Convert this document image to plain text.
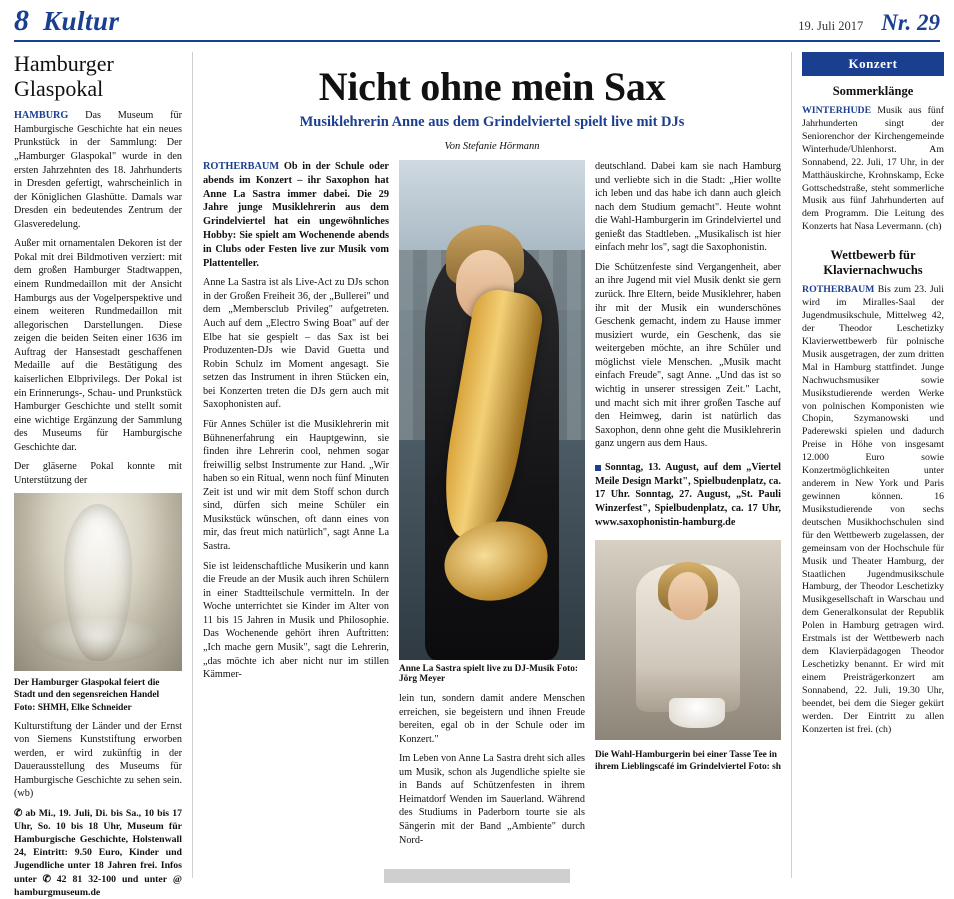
8 Kultur	19. Juli 2017 Nr. 29
Hamburger Glaspokal

HAMBURG Das Museum für Hamburgische Geschichte hat ein neues Prunkstück in der Sammlung: Der „Hamburger Glaspokal" wurde in den ersten Jahrzehnten des 18. Jahrhunderts in Dresden gefertigt, wahrscheinlich in der Königlichen Glashütte. Damals war Dresden ein bedeutendes Zentrum der Glasveredelung.

Außer mit ornamentalen Dekoren ist der Pokal mit drei Bildmotiven verziert: mit dem großen Hamburger Stadtwappen, einem Rundmedaillon mit der Ansicht Hamburgs aus der Vogelperspektive und einem weiteren Rundmedaillon mit allegorischen Darstellungen. Diese zeigen die beiden Seiten einer 1636 im Auftrag der Hansestadt geschaffenen Medaille auf die Bestätigung des kaiserlichen Elbprivilegs. Der Pokal ist ein Erinnerungs-, Schau- und Prunkstück Hamburger Geschichte und stellt somit eine wichtige Ergänzung der Sammlung des Museums für Hamburgische Geschichte dar.

Der gläserne Pokal konnte mit Unterstützung der

Der Hamburger Glaspokal feiert die Stadt und den segensreichen Handel Foto: SHMH, Elke Schneider

Kulturstiftung der Länder und der Ernst von Siemens Kunststiftung erworben werden, er wird zukünftig in der Dauerausstellung des Museums für Hamburgische Geschichte zu sehen sein. (wb)

✆ ab Mi., 19. Juli, Di. bis Sa., 10 bis 17 Uhr, So. 10 bis 18 Uhr, Museum für Hamburgische Geschichte, Holstenwall 24, Eintritt: 9.50 Euro, Kinder und Jugendliche unter 18 Jahren frei. Infos unter ✆ 42 81 32-100 und unter @ hamburgmuseum.de

Nicht ohne mein Sax
Musiklehrerin Anne aus dem Grindelviertel spielt live mit DJs
Von Stefanie Hörmann

ROTHERBAUM Ob in der Schule oder abends im Konzert – ihr Saxophon hat Anne La Sastra immer dabei. Die 29 Jahre junge Musiklehrerin aus dem Grindelviertel hat ein ungewöhnliches Hobby: Sie spielt am Wochenende abends in Clubs oder Festen live zur Musik vom Plattenteller.

Anne La Sastra ist als Live-Act zu DJs schon in der Großen Freiheit 36, der „Bullerei" und dem „Membersclub Privileg" aufgetreten. Auch auf dem „Electro Swing Boat" auf der Elbe hat sie gespielt – das Sax ist bei Produzenten-DJs wie David Guetta und Robin Schulz im Moment angesagt. Sie setzen das Instrument in ihren Stücken ein, bei Konzerten treten die DJs gern auch mit Saxophonisten auf.

Für Annes Schüler ist die Musiklehrerin mit Bühnenerfahrung ein Hauptgewinn, sie finden ihre Lehrerin cool, nehmen sogar freiwillig selbst Instrumente zur Hand. „Wir haben so ein Ritual, wenn noch fünf Minuten Zeit ist und wir mit dem Stoff schon durch sind, dürfen sich meine Schüler ein Musikstück wünschen, oft dann eines von mir, das freut mich natürlich", sagt Anne La Sastra.

Sie ist leidenschaftliche Musikerin und kann die Freude an der Musik auch ihren Schülern in einer Stadtteilschule vermitteln. In der Woche unterrichtet sie Kinder im Alter von 11 bis 15 Jahren in Musik und Philosophie. Das Wochenende gehört ihren Auftritten: „Ich mache gern Musik", sagt die Lehrerin, „das möchte ich aber nicht nur im stillen Kämmer-

Anne La Sastra spielt live zu DJ-Musik Foto: Jörg Meyer

lein tun, sondern damit andere Menschen erreichen, sie begeistern und ihnen Freude bereiten, egal ob in der Schule oder im Konzert."

Im Leben von Anne La Sastra dreht sich alles um Musik, schon als Jugendliche spielte sie in Bands auf Schützenfesten in ihrem Heimatdorf Wenden im Sauerland. Während des Studiums in Paderborn tourte sie als Sängerin mit der Band „Ambiente" durch Nord-

deutschland. Dabei kam sie nach Hamburg und verliebte sich in die Stadt: „Hier wollte ich leben und das habe ich dann auch gleich nach dem Studium gemacht". Heute wohnt die Wahl-Hamburgerin im Grindelviertel und genießt das Stadtleben. „Musikalisch ist hier einfach mehr los", sagt die Saxophonistin.

Die Schützenfeste sind Vergangenheit, aber an ihre Jugend mit viel Musik denkt sie gern zurück. Ihre Eltern, beide Musiklehrer, haben ihr mit der Musik ein wunderschönes Geschenk gemacht, indem zu Hause immer musiziert wurde, ein Geschenk, das sie weitergeben möchte, an ihre Schüler und möglichst viele Menschen. „Musik macht einfach Freude", sagt Anne. „Und das ist so wichtig in unserer stressigen Zeit." Lacht, und macht sich mit ihrer großen Tasche auf den Heimweg, darin ist natürlich das Saxophon, denn ohne geht die Musiklehrerin ganz ungern aus dem Haus.

Sonntag, 13. August, auf dem „Viertel Meile Design Markt", Spielbudenplatz, ca. 17 Uhr. Sonntag, 27. August, „St. Pauli Winzerfest", Spielbudenplatz, ca. 17 Uhr, www.saxophonistin-hamburg.de

Die Wahl-Hamburgerin bei einer Tasse Tee in ihrem Lieblingscafé im Grindelviertel Foto: sh

Konzert
Sommerklänge

WINTERHUDE Musik aus fünf Jahrhunderten singt der Seniorenchor der Kirchengemeinde Winterhude/Uhlenhorst. Am Sonnabend, 22. Juli, 17 Uhr, in der Matthäuskirche, Krohnskamp, Ecke Gottschedstraße, steht sommerliche Musik aus fünf Jahrhunderten auf dem Programm. Die Leitung des Konzerts hat Nasa Levermann. (ch)

Wettbewerb für Klaviernachwuchs

ROTHERBAUM Bis zum 23. Juli wird im Miralles-Saal der Jugendmusikschule, Mittelweg 42, der Theodor Leschetizky Klavierwettbewerb für polnische Musik ausgetragen, der zum dritten Mal in Hamburg stattfindet. Junge Nachwuchsmusiker sowie Musikstudierende werden Werke von polnischen Komponisten wie Chopin, Szymanowski und Paderewski spielen und dadurch Preise in Höhe von insgesamt 12.000 Euro sowie Konzertmöglichkeiten unter anderem in New York und Paris gewinnen können. 16 Musikstudierende von sechs deutschen Musikhochschulen sind für den Wettbewerb zugelassen, der gemeinsam von der Hochschule für Musik und Theater Hamburg, der Staatlichen Jugendmusikschule Hamburg, der Theodor Leschetizky Musikgesellschaft in Warschau und dem Generalkonsulat der Republik Polen in Hamburg getragen wird. Erstmals ist der Wettbewerb nach dem Klavierpädagogen Theodor Leschetizky benannt. Er wird mit einem Preisträgerkonzert am Sonnabend, 22. Juli, 19.30 Uhr, beendet, bei dem die Sieger gekürt werden. Der Eintritt zu allen Konzerten ist frei. (ch)
